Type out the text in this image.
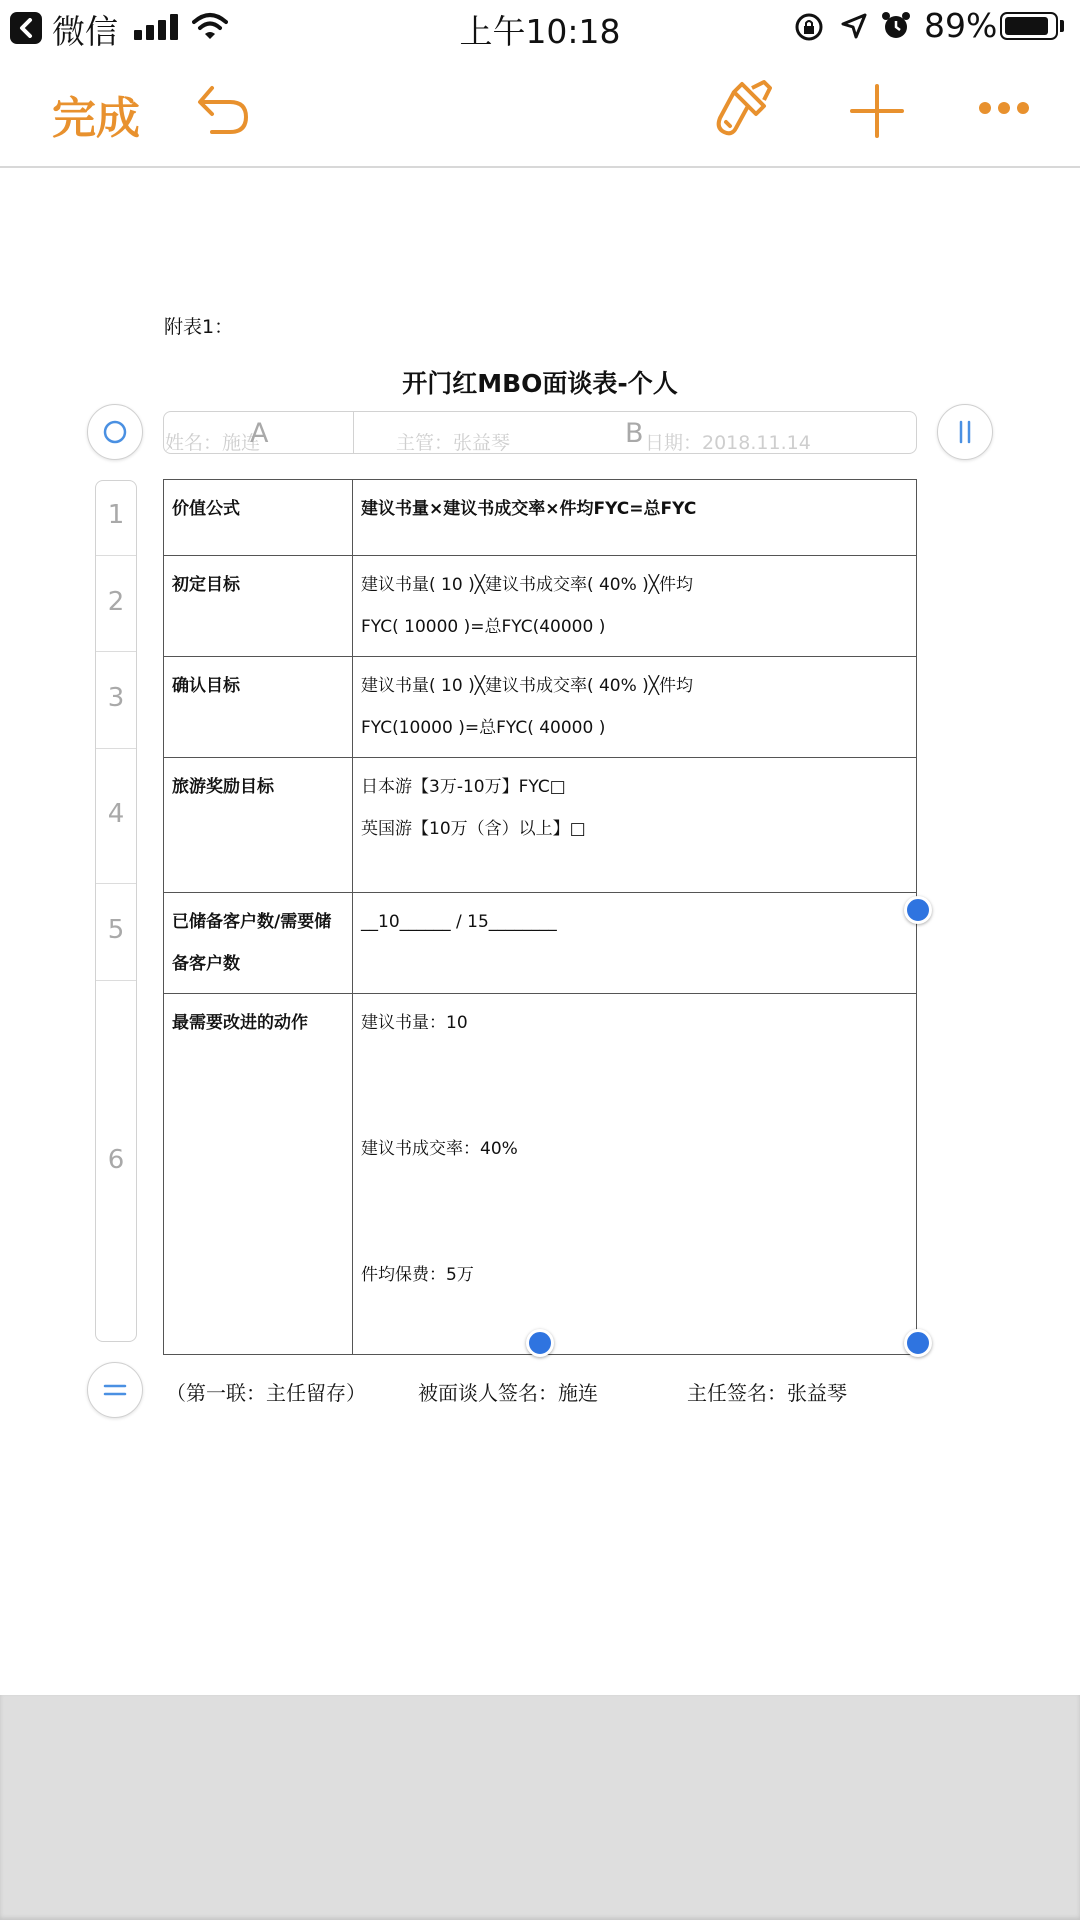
微信	上午10:18	89%
完成
附表1：
开门红MBO面谈表-个人
姓名：施连	主管：张益琴	日期：2018.11.14
A	B
1
2
3
4
5
6
价值公式	建议书量×建议书成交率×件均FYC=总FYC

初定目标	建议书量( 10 )╳建议书成交率( 40% )╳件均
FYC( 10000 )=总FYC(40000 )

确认目标	建议书量( 10 )╳建议书成交率( 40% )╳件均
FYC(10000 )=总FYC( 40000 )

旅游奖励目标	日本游【3万-10万】FYC□
英国游【10万（含）以上】□

已储备客户数/需要储备客户数	__10______ / 15________

最需要改进的动作	建议书量：10
建议书成交率：40%
件均保费：5万
（第一联：主任留存）	被面谈人签名：施连	主任签名：张益琴
